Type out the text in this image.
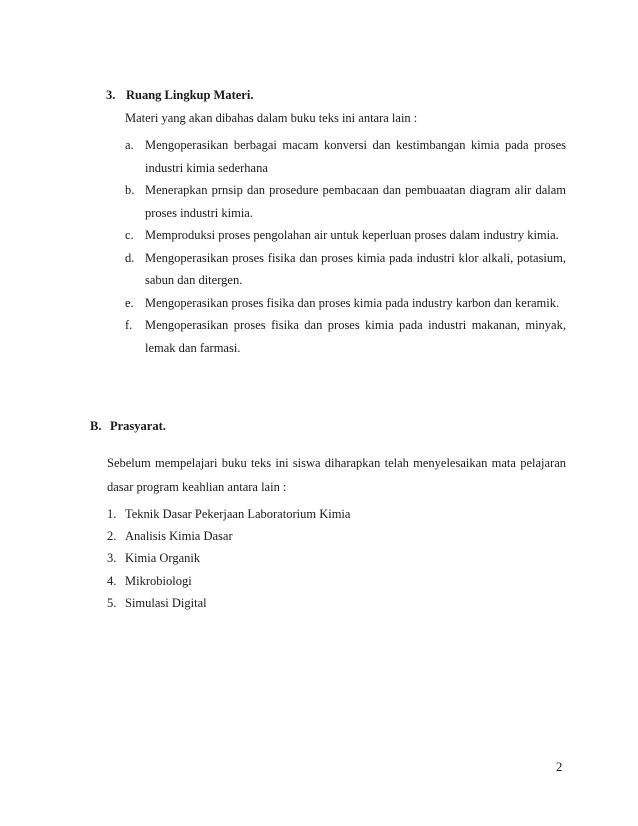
3. Ruang Lingkup Materi.
Materi yang akan dibahas dalam buku teks ini antara lain :
a. Mengoperasikan berbagai macam konversi dan kestimbangan kimia pada proses industri kimia sederhana
b. Menerapkan prnsip dan prosedure pembacaan dan pembuaatan diagram alir dalam proses industri kimia.
c. Memproduksi proses pengolahan air untuk keperluan proses dalam industry kimia.
d. Mengoperasikan proses fisika dan proses kimia pada industri klor alkali, potasium, sabun dan ditergen.
e. Mengoperasikan proses fisika dan proses kimia pada industry karbon dan keramik.
f. Mengoperasikan proses fisika dan proses kimia pada industri makanan, minyak, lemak dan farmasi.
B. Prasyarat.
Sebelum mempelajari buku teks ini siswa diharapkan telah menyelesaikan mata pelajaran dasar program keahlian antara lain :
1. Teknik Dasar Pekerjaan Laboratorium Kimia
2. Analisis Kimia Dasar
3. Kimia Organik
4. Mikrobiologi
5. Simulasi Digital
2
